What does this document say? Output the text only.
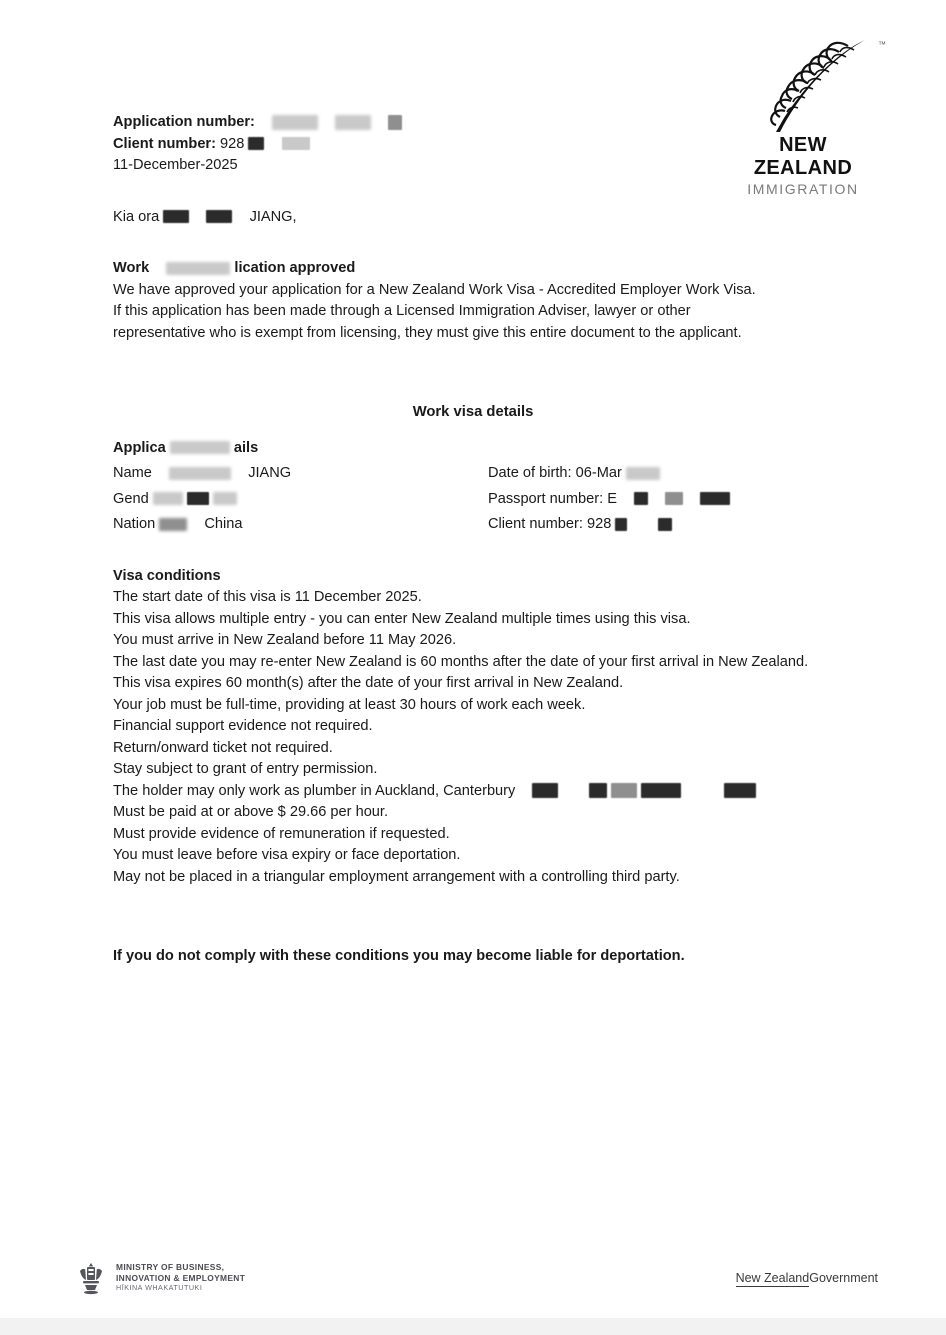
™
NEW ZEALAND
IMMIGRATION
Application number:
Client number: 928
11-December-2025
Kia ora	JIANG,
Work	lication approved
We have approved your application for a New Zealand Work Visa - Accredited Employer Work Visa.
If this application has been made through a Licensed Immigration Adviser, lawyer or other
representative who is exempt from licensing, they must give this entire document to the applicant.
Work visa details
Applica	ails
Name	JIANG	Date of birth: 06-Mar
Gend	Passport number: E
Nation	China	Client number: 928
Visa conditions
The start date of this visa is 11 December 2025.
This visa allows multiple entry - you can enter New Zealand multiple times using this visa.
You must arrive in New Zealand before 11 May 2026.
The last date you may re-enter New Zealand is 60 months after the date of your first arrival in New Zealand.
This visa expires 60 month(s) after the date of your first arrival in New Zealand.
Your job must be full-time, providing at least 30 hours of work each week.
Financial support evidence not required.
Return/onward ticket not required.
Stay subject to grant of entry permission.
The holder may only work as plumber in Auckland, Canterbury
Must be paid at or above $ 29.66 per hour.
Must provide evidence of remuneration if requested.
You must leave before visa expiry or face deportation.
May not be placed in a triangular employment arrangement with a controlling third party.
If you do not comply with these conditions you may become liable for deportation.
MINISTRY OF BUSINESS,
INNOVATION & EMPLOYMENT
HĪKINA WHAKATUTUKI
New ZealandGovernment
